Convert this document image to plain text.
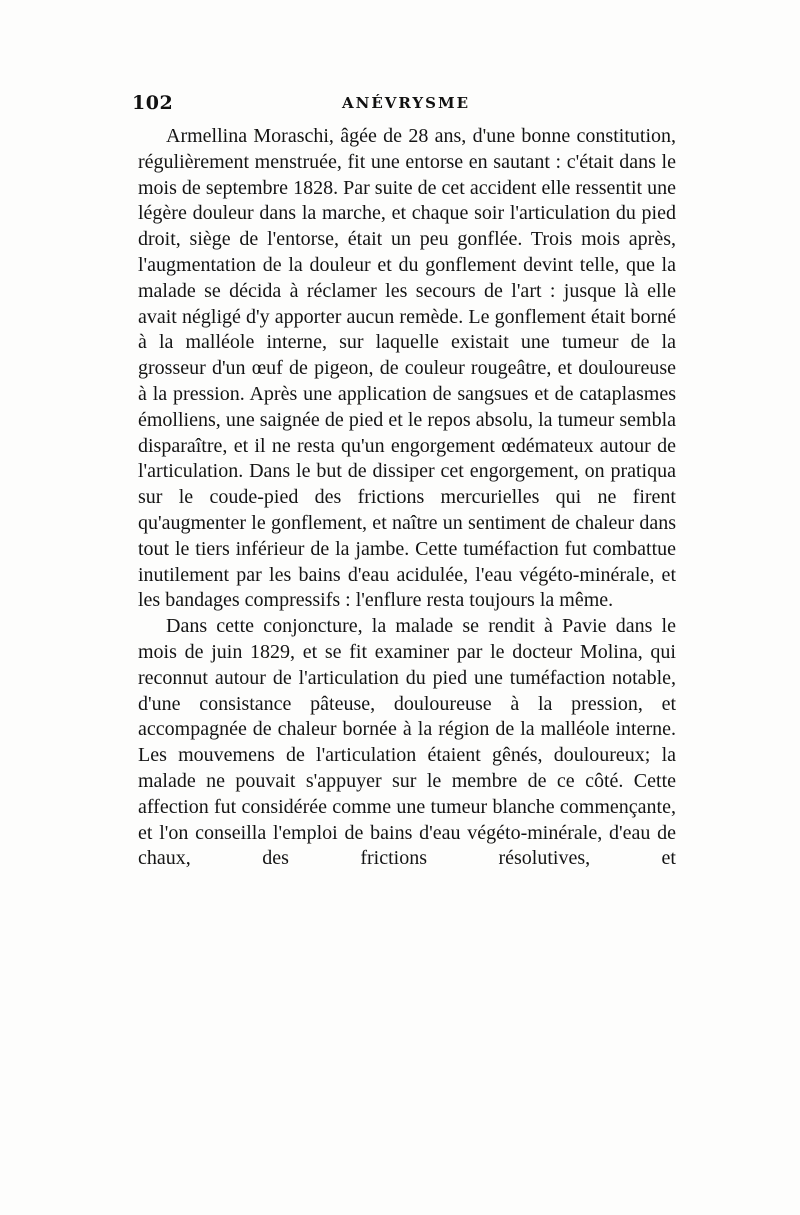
102	ANÉVRYSME

Armellina Moraschi, âgée de 28 ans, d'une bonne constitution, régulièrement menstruée, fit une entorse en sautant : c'était dans le mois de septembre 1828. Par suite de cet accident elle ressentit une légère douleur dans la marche, et chaque soir l'articulation du pied droit, siège de l'entorse, était un peu gonflée. Trois mois après, l'augmentation de la douleur et du gonflement devint telle, que la malade se décida à réclamer les secours de l'art : jusque là elle avait négligé d'y apporter aucun remède. Le gonflement était borné à la malléole interne, sur laquelle existait une tumeur de la grosseur d'un œuf de pigeon, de couleur rougeâtre, et douloureuse à la pression. Après une application de sangsues et de cataplasmes émolliens, une saignée de pied et le repos absolu, la tumeur sembla disparaître, et il ne resta qu'un engorgement œdémateux autour de l'articulation. Dans le but de dissiper cet engorgement, on pratiqua sur le coude-pied des frictions mercurielles qui ne firent qu'augmenter le gonflement, et naître un sentiment de chaleur dans tout le tiers inférieur de la jambe. Cette tuméfaction fut combattue inutilement par les bains d'eau acidulée, l'eau végéto-minérale, et les bandages compressifs : l'enflure resta toujours la même.

Dans cette conjoncture, la malade se rendit à Pavie dans le mois de juin 1829, et se fit examiner par le docteur Molina, qui reconnut autour de l'articulation du pied une tuméfaction notable, d'une consistance pâteuse, douloureuse à la pression, et accompagnée de chaleur bornée à la région de la malléole interne. Les mouvemens de l'articulation étaient gênés, douloureux; la malade ne pouvait s'appuyer sur le membre de ce côté. Cette affection fut considérée comme une tumeur blanche commençante, et l'on conseilla l'emploi de bains d'eau végéto-minérale, d'eau de chaux, des frictions résolutives, et
